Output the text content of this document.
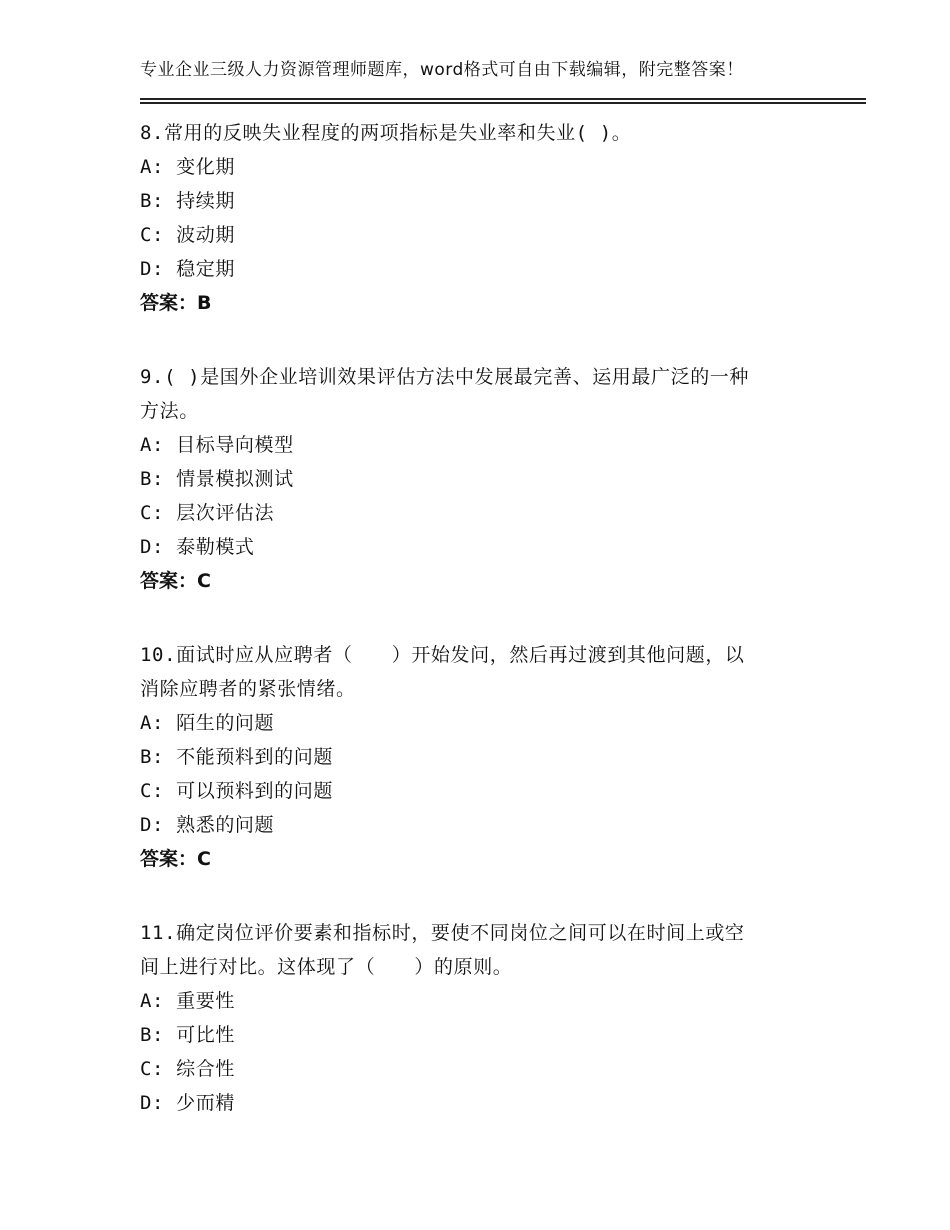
专业企业三级人力资源管理师题库，word格式可自由下载编辑，附完整答案！
8.常用的反映失业程度的两项指标是失业率和失业( )。
A: 变化期
B: 持续期
C: 波动期
D: 稳定期
答案：B
9.( )是国外企业培训效果评估方法中发展最完善、运用最广泛的一种
方法。
A: 目标导向模型
B: 情景模拟测试
C: 层次评估法
D: 泰勒模式
答案：C
10.面试时应从应聘者（　　）开始发问，然后再过渡到其他问题，以
消除应聘者的紧张情绪。
A: 陌生的问题
B: 不能预料到的问题
C: 可以预料到的问题
D: 熟悉的问题
答案：C
11.确定岗位评价要素和指标时，要使不同岗位之间可以在时间上或空
间上进行对比。这体现了（　　）的原则。
A: 重要性
B: 可比性
C: 综合性
D: 少而精
